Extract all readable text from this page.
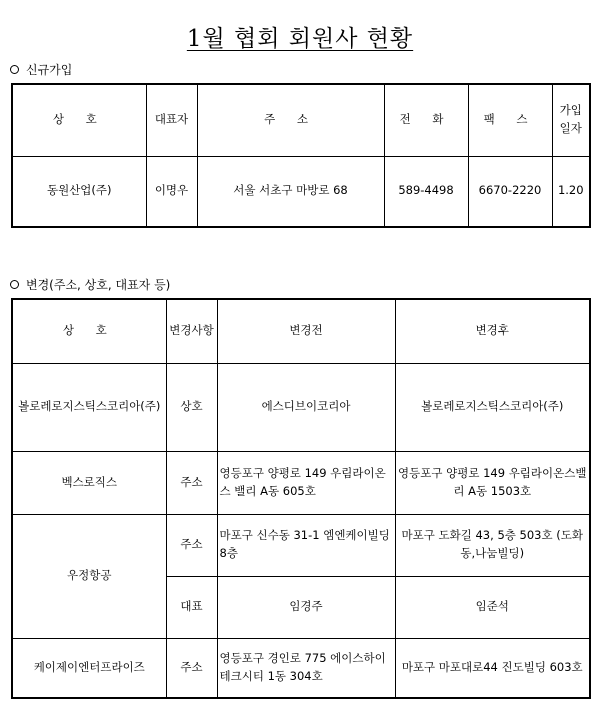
1월 협회 회원사 현황
신규가입
상 호	대표자	주 소	전 화	팩 스	가입 일자
동원산업(주)	이명우	서울 서초구 마방로 68	589-4498	6670-2220	1.20
변경(주소, 상호, 대표자 등)
상 호	변경사항	변경전	변경후
볼로레로지스틱스코리아(주)	상호	에스디브이코리아	볼로레로지스틱스코리아(주)
벡스로직스	주소	영등포구 양평로 149 우림라이온스 밸리 A동 605호	영등포구 양평로 149 우림라이온스밸리 A동 1503호
우정항공	주소	마포구 신수동 31-1 엠엔케이빌딩 8층	마포구 도화길 43, 5층 503호 (도화동,나눔빌딩)
	대표	임경주	임준석
케이제이엔터프라이즈	주소	영등포구 경인로 775 에이스하이테크시티 1동 304호	마포구 마포대로44 진도빌딩 603호
